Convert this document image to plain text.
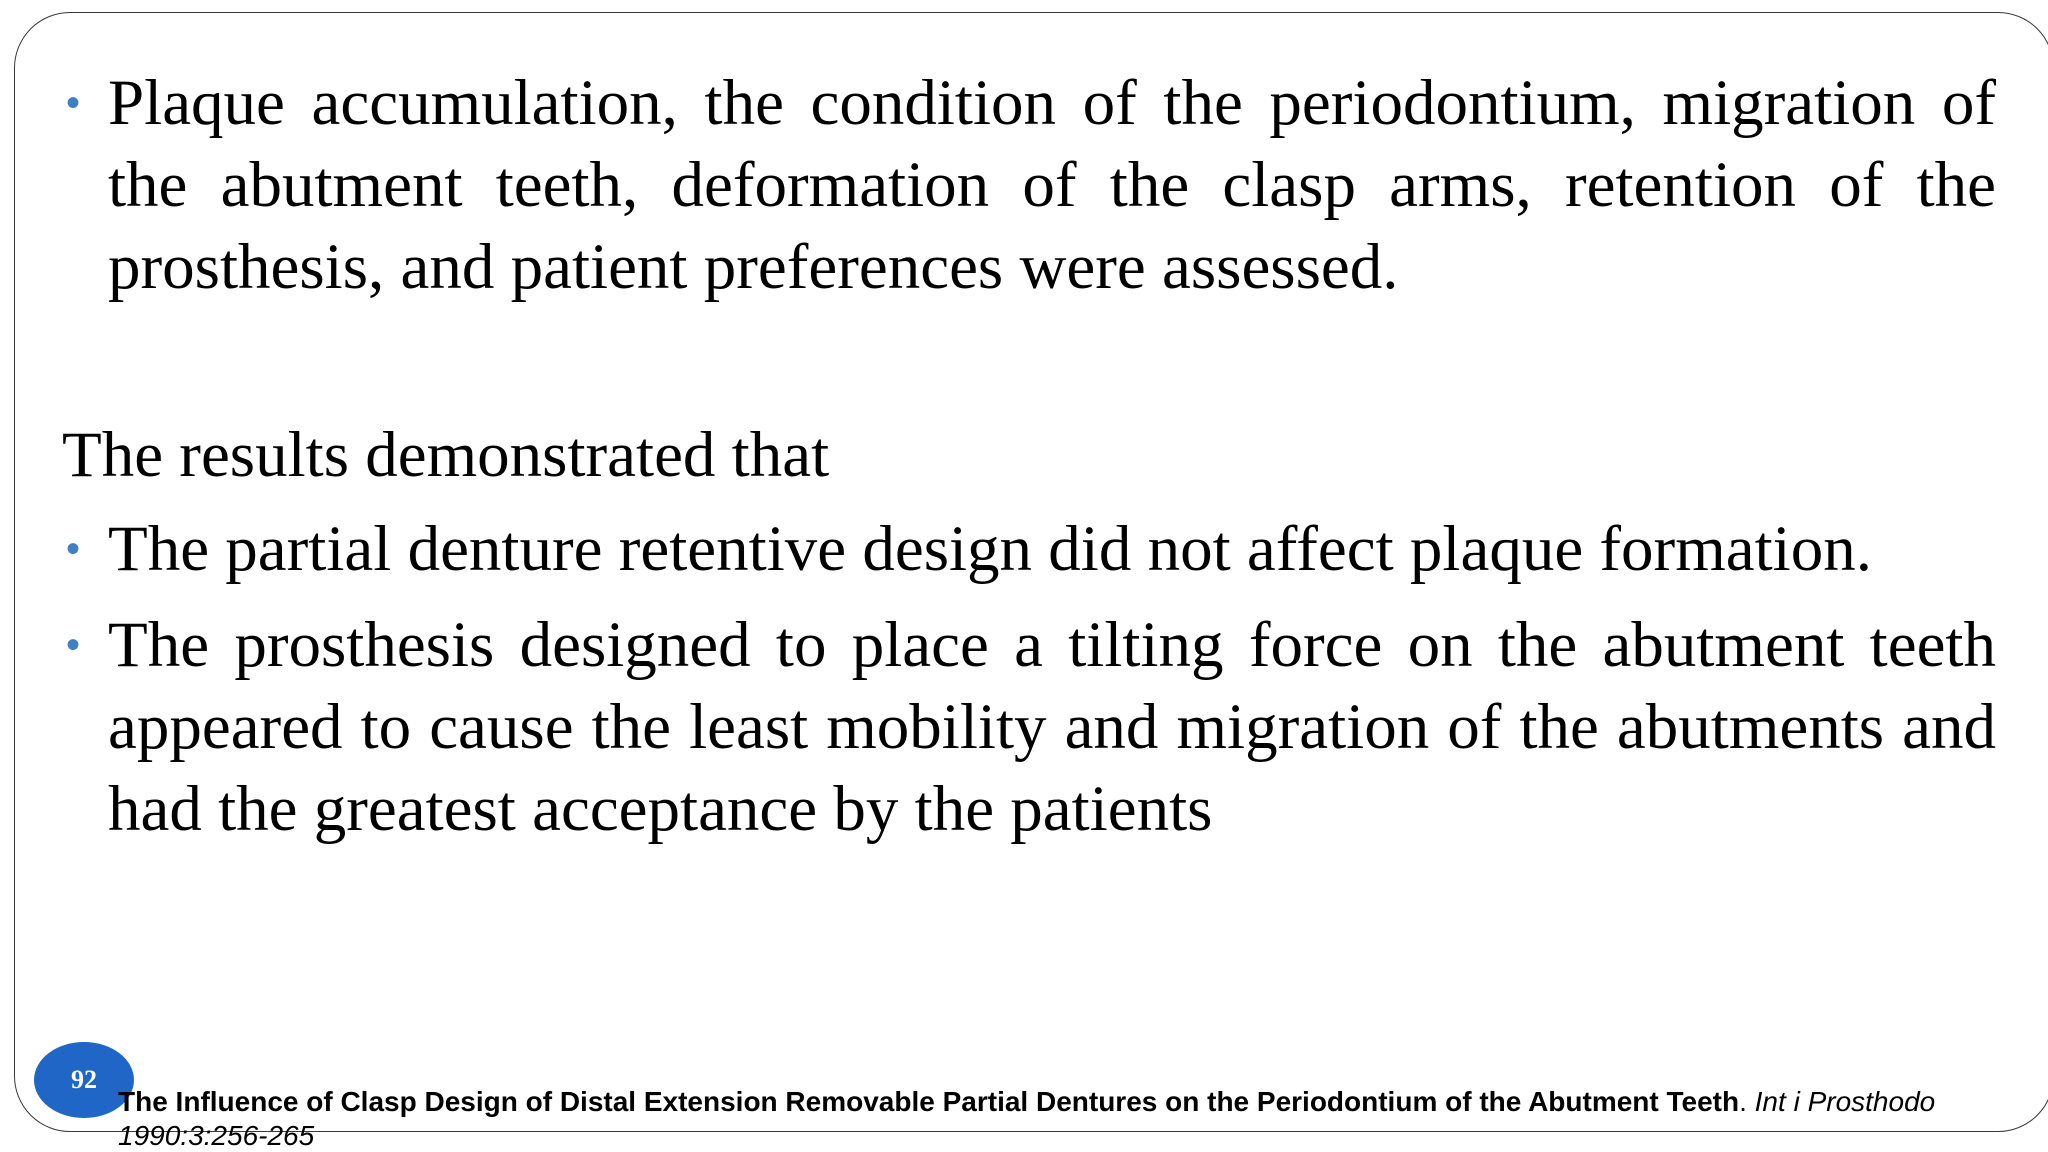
• Plaque accumulation, the condition of the periodontium, migration of the abutment teeth, deformation of the clasp arms, retention of the prosthesis, and patient preferences were assessed.
The results demonstrated that
• The partial denture retentive design did not affect plaque formation.
• The prosthesis designed to place a tilting force on the abutment teeth appeared to cause the least mobility and migration of the abutments and had the greatest acceptance by the patients
92
The Influence of Clasp Design of Distal Extension Removable Partial Dentures on the Periodontium of the Abutment Teeth. Int i Prosthodo
1990:3:256-265
